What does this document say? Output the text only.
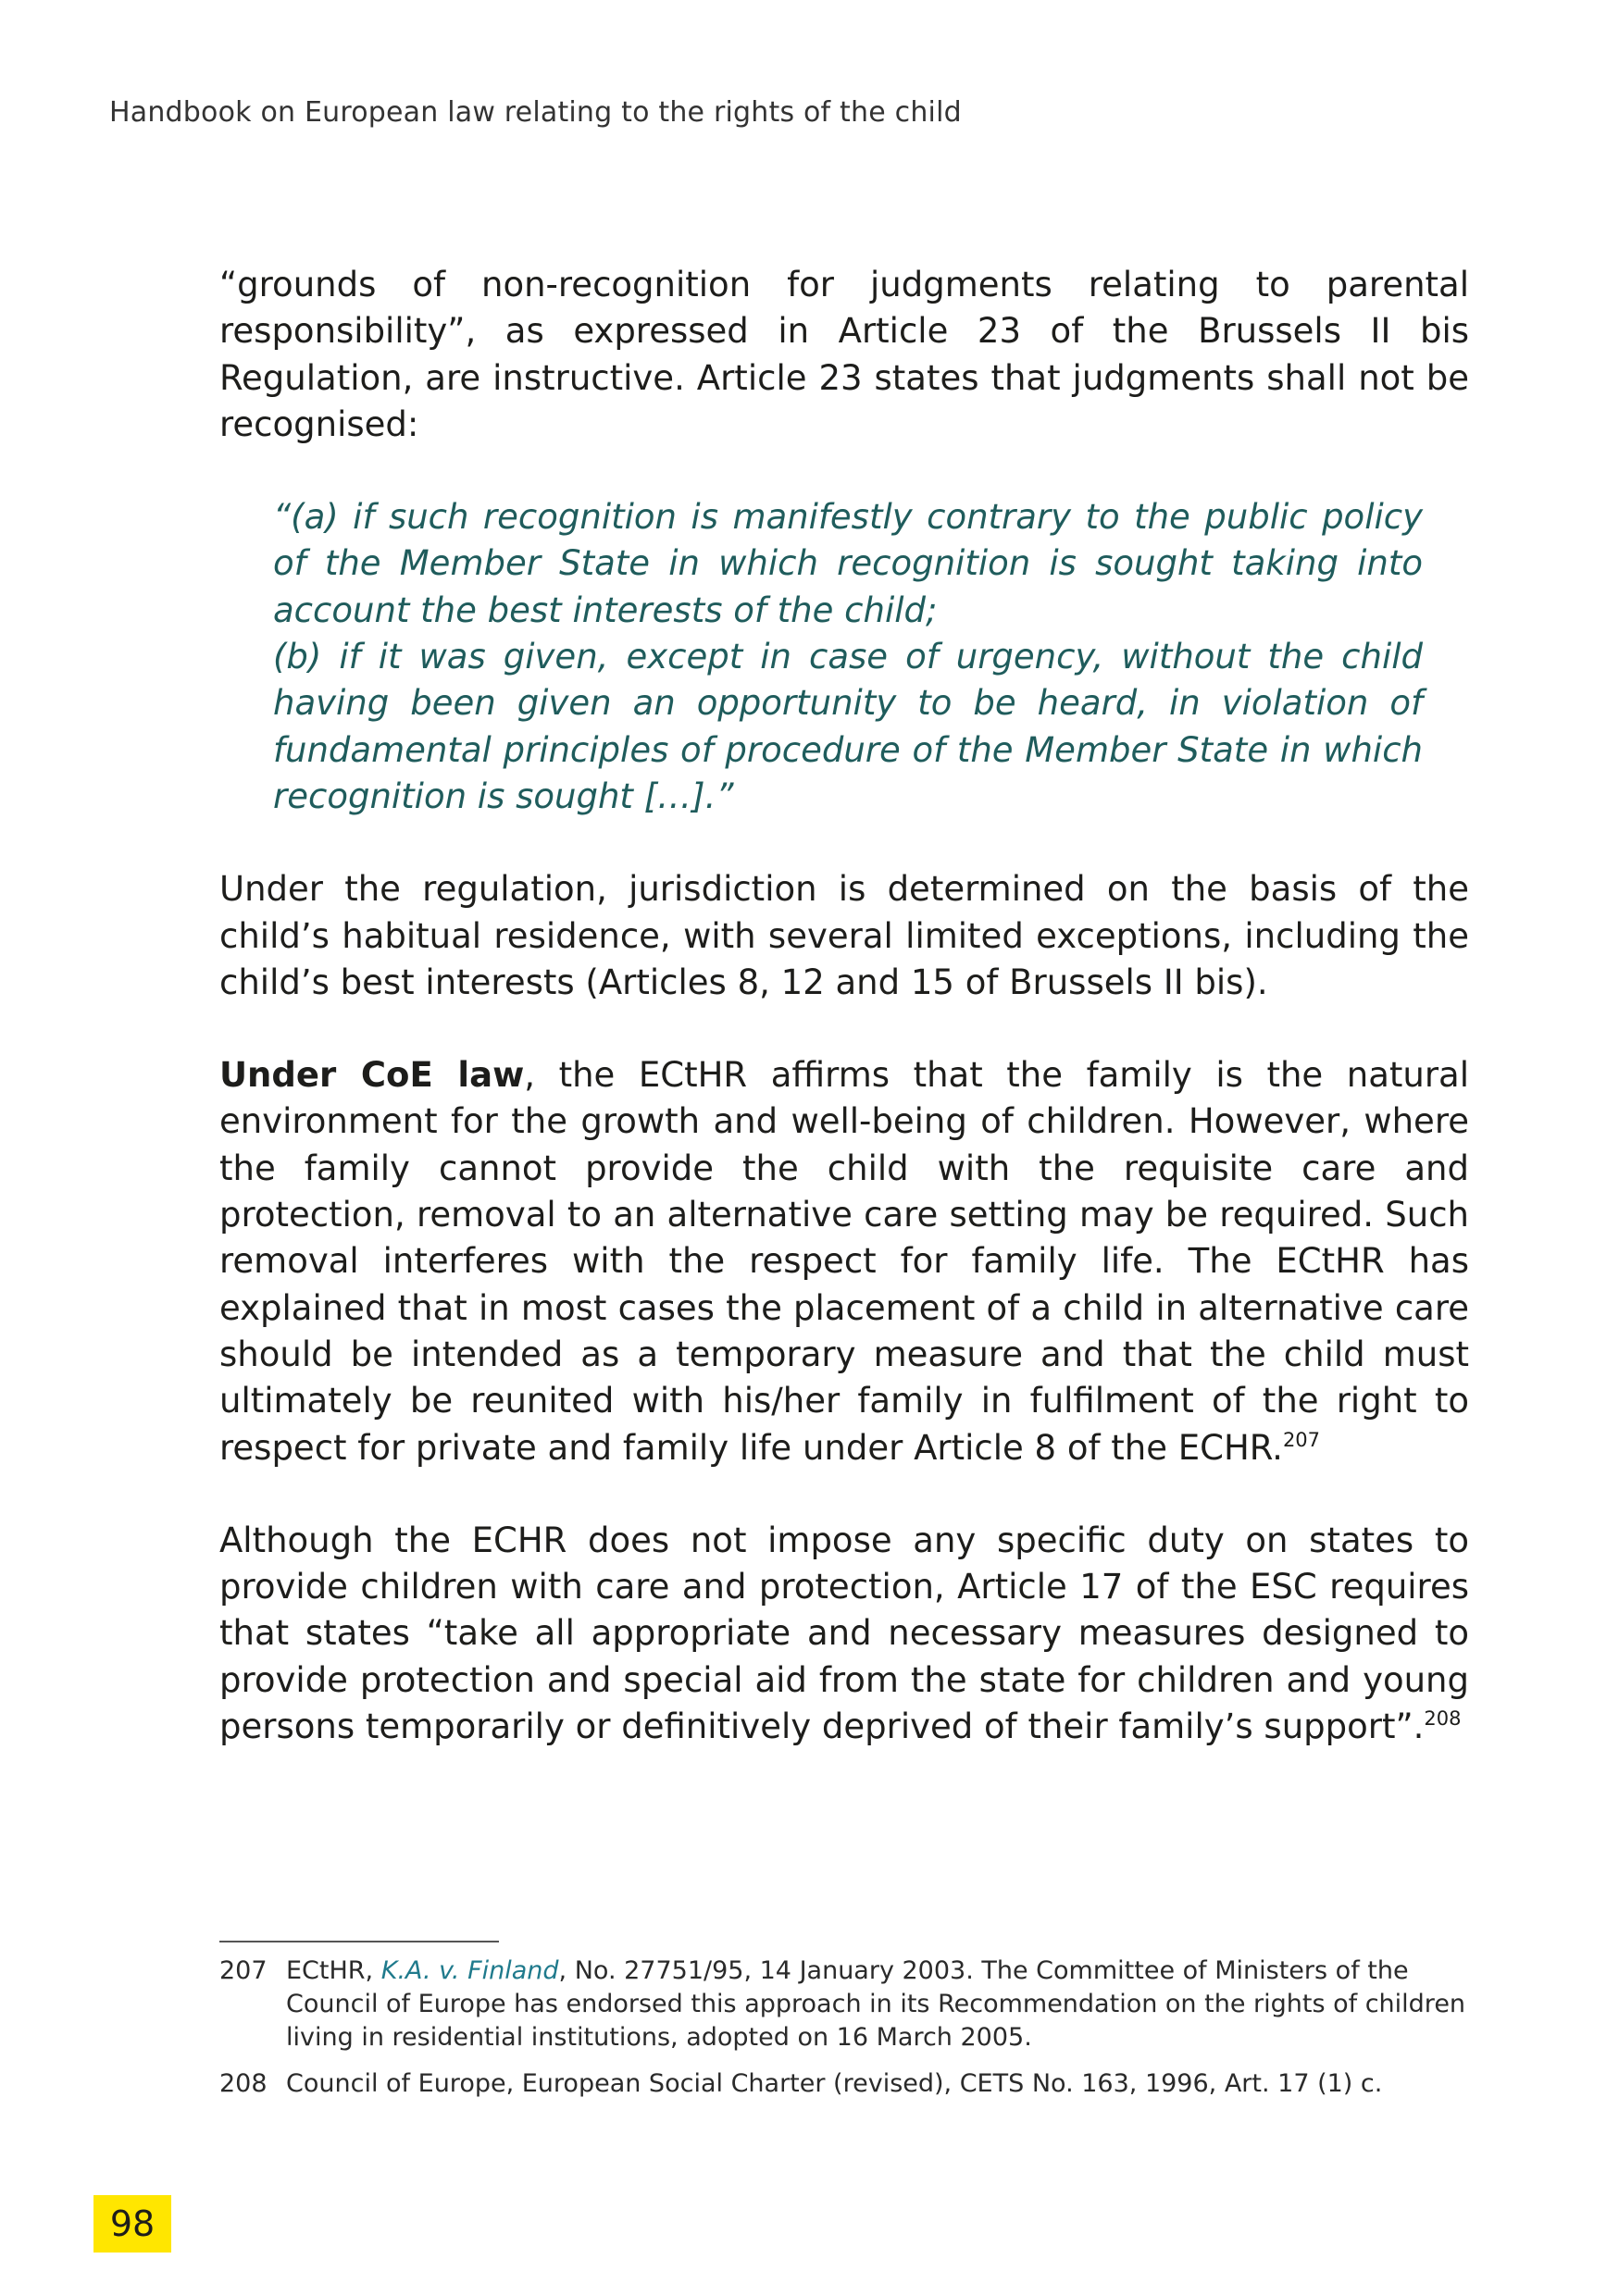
Handbook on European law relating to the rights of the child

“grounds of non-recognition for judgments relating to parental responsibility”, as expressed in Article 23 of the Brussels II bis Regulation, are instructive. Article 23 states that judgments shall not be recognised:

“(a) if such recognition is manifestly contrary to the public policy of the Member State in which recognition is sought taking into account the best interests of the child;
(b) if it was given, except in case of urgency, without the child having been given an opportunity to be heard, in violation of fundamental principles of procedure of the Member State in which recognition is sought […].”

Under the regulation, jurisdiction is determined on the basis of the child’s habitual residence, with several limited exceptions, including the child’s best interests (Articles 8, 12 and 15 of Brussels II bis).

Under CoE law, the ECtHR affirms that the family is the natural environment for the growth and well-being of children. However, where the family cannot provide the child with the requisite care and protection, removal to an alternative care setting may be required. Such removal interferes with the respect for family life. The ECtHR has explained that in most cases the placement of a child in alternative care should be intended as a temporary measure and that the child must ultimately be reunited with his/her family in fulfilment of the right to respect for private and family life under Article 8 of the ECHR.$^{207}$

Although the ECHR does not impose any specific duty on states to provide children with care and protection, Article 17 of the ESC requires that states “take all appropriate and necessary measures designed to provide protection and special aid from the state for children and young persons temporarily or definitively deprived of their family’s support”.$^{208}$

207 ECtHR, K.A. v. Finland, No. 27751/95, 14 January 2003. The Committee of Ministers of the Council of Europe has endorsed this approach in its Recommendation on the rights of children living in residential institutions, adopted on 16 March 2005.
208 Council of Europe, European Social Charter (revised), CETS No. 163, 1996, Art. 17 (1) c.
98
